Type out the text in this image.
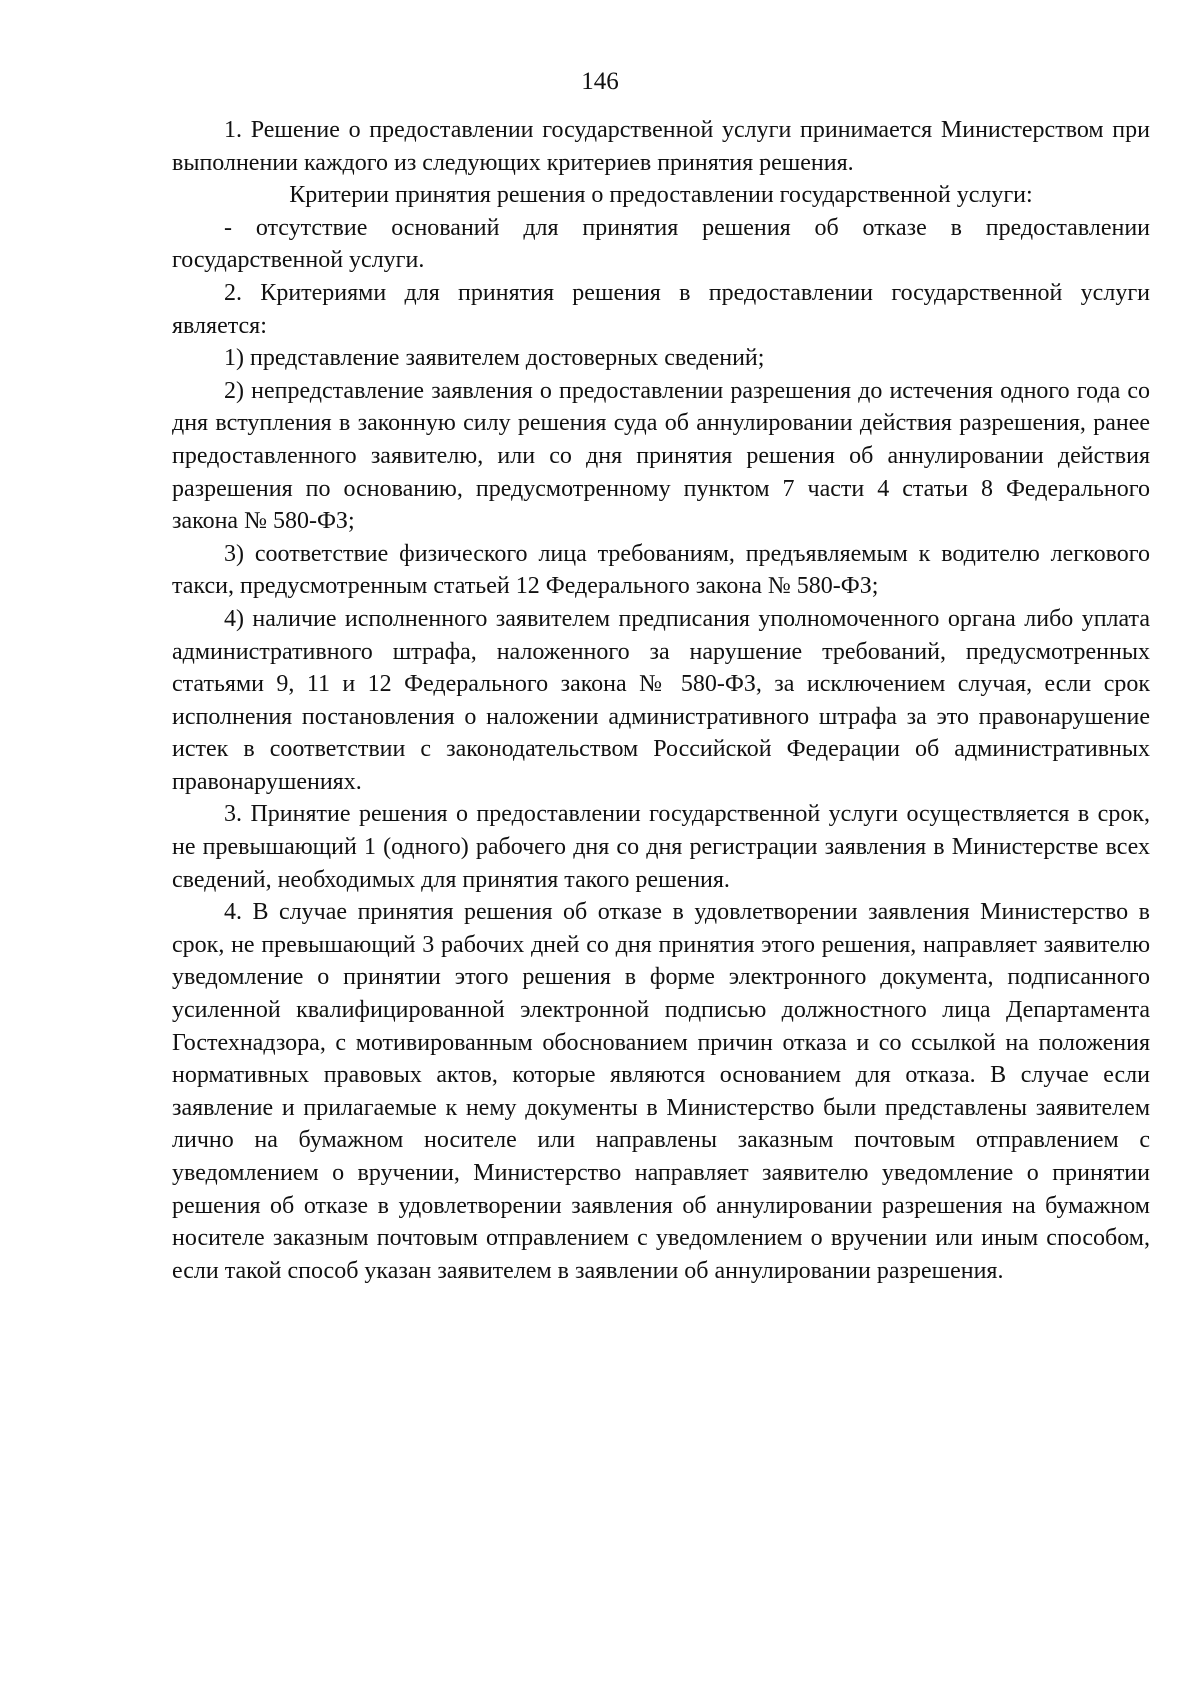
146

1. Решение о предоставлении государственной услуги принимается Министерством при выполнении каждого из следующих критериев принятия решения.

Критерии принятия решения о предоставлении государственной услуги:

- отсутствие оснований для принятия решения об отказе в предоставлении государственной услуги.

2. Критериями для принятия решения в предоставлении государственной услуги является:

1) представление заявителем достоверных сведений;

2) непредставление заявления о предоставлении разрешения до истечения одного года со дня вступления в законную силу решения суда об аннулировании действия разрешения, ранее предоставленного заявителю, или со дня принятия решения об аннулировании действия разрешения по основанию, предусмотренному пунктом 7 части 4 статьи 8 Федерального закона № 580-ФЗ;

3) соответствие физического лица требованиям, предъявляемым к водителю легкового такси, предусмотренным статьей 12 Федерального закона № 580-ФЗ;

4) наличие исполненного заявителем предписания уполномоченного органа либо уплата административного штрафа, наложенного за нарушение требований, предусмотренных статьями 9, 11 и 12 Федерального закона № 580-ФЗ, за исключением случая, если срок исполнения постановления о наложении административного штрафа за это правонарушение истек в соответствии с законодательством Российской Федерации об административных правонарушениях.

3. Принятие решения о предоставлении государственной услуги осуществляется в срок, не превышающий 1 (одного) рабочего дня со дня регистрации заявления в Министерстве всех сведений, необходимых для принятия такого решения.

4. В случае принятия решения об отказе в удовлетворении заявления Министерство в срок, не превышающий 3 рабочих дней со дня принятия этого решения, направляет заявителю уведомление о принятии этого решения в форме электронного документа, подписанного усиленной квалифицированной электронной подписью должностного лица Департамента Гостехнадзора, с мотивированным обоснованием причин отказа и со ссылкой на положения нормативных правовых актов, которые являются основанием для отказа. В случае если заявление и прилагаемые к нему документы в Министерство были представлены заявителем лично на бумажном носителе или направлены заказным почтовым отправлением с уведомлением о вручении, Министерство направляет заявителю уведомление о принятии решения об отказе в удовлетворении заявления об аннулировании разрешения на бумажном носителе заказным почтовым отправлением с уведомлением о вручении или иным способом, если такой способ указан заявителем в заявлении об аннулировании разрешения.
